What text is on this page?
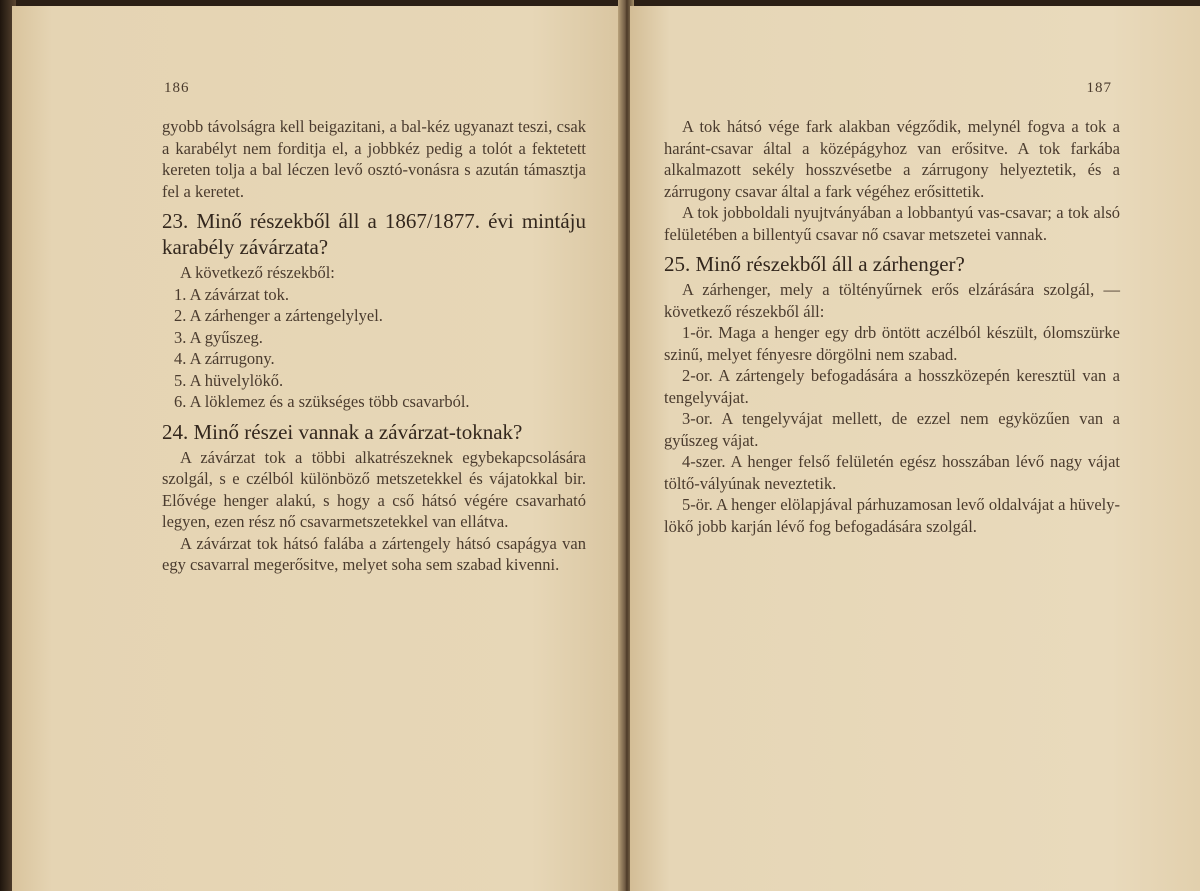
186

gyobb távolságra kell beigazitani, a bal-kéz ugyanazt teszi, csak a karabélyt nem forditja el, a jobbkéz pedig a tolót a fektetett kereten tolja a bal léczen levő osztó-vonásra s azután támasztja fel a keretet.

23. Minő részekből áll a 1867/1877. évi mintáju karabély závárzata?

A következő részekből:

1. A závárzat tok.
2. A zárhenger a zártengelylyel.
3. A gyűszeg.
4. A zárrugony.
5. A hüvelylökő.
6. A löklemez és a szükséges több csavarból.

24. Minő részei vannak a závárzat-toknak?

A závárzat tok a többi alkatrészeknek egybekapcsolására szolgál, s e czélból különböző metszetekkel és vájatokkal bir. Elővége henger alakú, s hogy a cső hátsó végére csavarható legyen, ezen rész nő csavarmetszetekkel van ellátva.

A závárzat tok hátsó falába a zártengely hátsó csapágya van egy csavarral megerősitve, melyet soha sem szabad kivenni.

187

A tok hátsó vége fark alakban végződik, melynél fogva a tok a haránt-csavar által a középágyhoz van erősitve. A tok farkába alkalmazott sekély hosszvésetbe a zárrugony helyeztetik, és a zárrugony csavar által a fark végéhez erősittetik.

A tok jobboldali nyujtványában a lobbantyú vas-csavar; a tok alsó felületében a billentyű csavar nő csavar metszetei vannak.

25. Minő részekből áll a zárhenger?

A zárhenger, mely a töltényűrnek erős elzárására szolgál, — következő részekből áll:

1-ör. Maga a henger egy drb öntött aczélból készült, ólomszürke szinű, melyet fényesre dörgölni nem szabad.

2-or. A zártengely befogadására a hosszközepén keresztül van a tengelyvájat.

3-or. A tengelyvájat mellett, de ezzel nem egyközűen van a gyűszeg vájat.

4-szer. A henger felső felületén egész hosszában lévő nagy vájat töltő-vályúnak neveztetik.

5-ör. A henger elölapjával párhuzamosan levő oldalvájat a hüvely-lökő jobb karján lévő fog befogadására szolgál.
